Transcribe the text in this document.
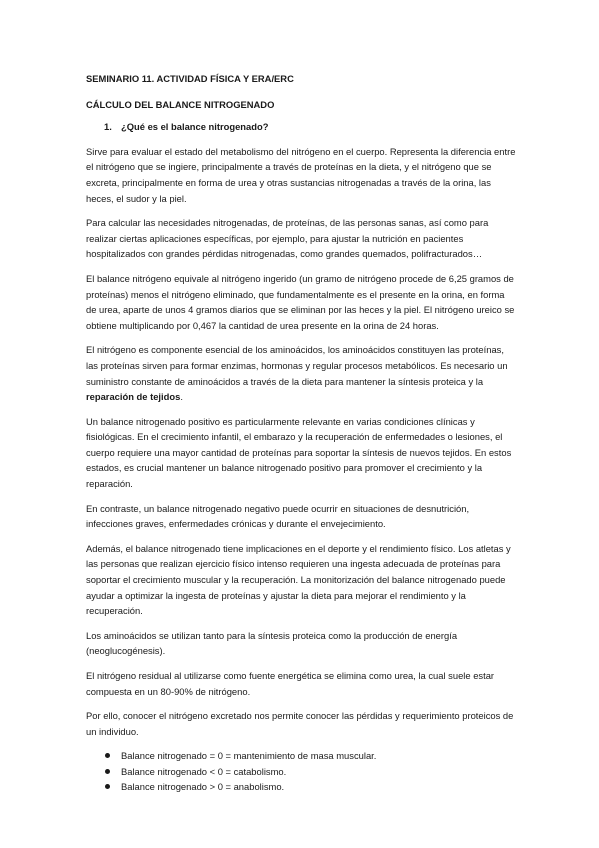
SEMINARIO 11. ACTIVIDAD FÍSICA Y ERA/ERC

CÁLCULO DEL BALANCE NITROGENADO

1. ¿Qué es el balance nitrogenado?

Sirve para evaluar el estado del metabolismo del nitrógeno en el cuerpo. Representa la diferencia entre el nitrógeno que se ingiere, principalmente a través de proteínas en la dieta, y el nitrógeno que se excreta, principalmente en forma de urea y otras sustancias nitrogenadas a través de la orina, las heces, el sudor y la piel.

Para calcular las necesidades nitrogenadas, de proteínas, de las personas sanas, así como para realizar ciertas aplicaciones específicas, por ejemplo, para ajustar la nutrición en pacientes hospitalizados con grandes pérdidas nitrogenadas, como grandes quemados, polifracturados…

El balance nitrógeno equivale al nitrógeno ingerido (un gramo de nitrógeno procede de 6,25 gramos de proteínas) menos el nitrógeno eliminado, que fundamentalmente es el presente en la orina, en forma de urea, aparte de unos 4 gramos diarios que se eliminan por las heces y la piel. El nitrógeno ureico se obtiene multiplicando por 0,467 la cantidad de urea presente en la orina de 24 horas.

El nitrógeno es componente esencial de los aminoácidos, los aminoácidos constituyen las proteínas, las proteínas sirven para formar enzimas, hormonas y regular procesos metabólicos. Es necesario un suministro constante de aminoácidos a través de la dieta para mantener la síntesis proteica y la reparación de tejidos.

Un balance nitrogenado positivo es particularmente relevante en varias condiciones clínicas y fisiológicas. En el crecimiento infantil, el embarazo y la recuperación de enfermedades o lesiones, el cuerpo requiere una mayor cantidad de proteínas para soportar la síntesis de nuevos tejidos. En estos estados, es crucial mantener un balance nitrogenado positivo para promover el crecimiento y la reparación.

En contraste, un balance nitrogenado negativo puede ocurrir en situaciones de desnutrición, infecciones graves, enfermedades crónicas y durante el envejecimiento.

Además, el balance nitrogenado tiene implicaciones en el deporte y el rendimiento físico. Los atletas y las personas que realizan ejercicio físico intenso requieren una ingesta adecuada de proteínas para soportar el crecimiento muscular y la recuperación. La monitorización del balance nitrogenado puede ayudar a optimizar la ingesta de proteínas y ajustar la dieta para mejorar el rendimiento y la recuperación.

Los aminoácidos se utilizan tanto para la síntesis proteica como la producción de energía (neoglucogénesis).

El nitrógeno residual al utilizarse como fuente energética se elimina como urea, la cual suele estar compuesta en un 80-90% de nitrógeno.

Por ello, conocer el nitrógeno excretado nos permite conocer las pérdidas y requerimiento proteicos de un individuo.

Balance nitrogenado = 0 = mantenimiento de masa muscular.
Balance nitrogenado < 0 = catabolismo.
Balance nitrogenado > 0 = anabolismo.
